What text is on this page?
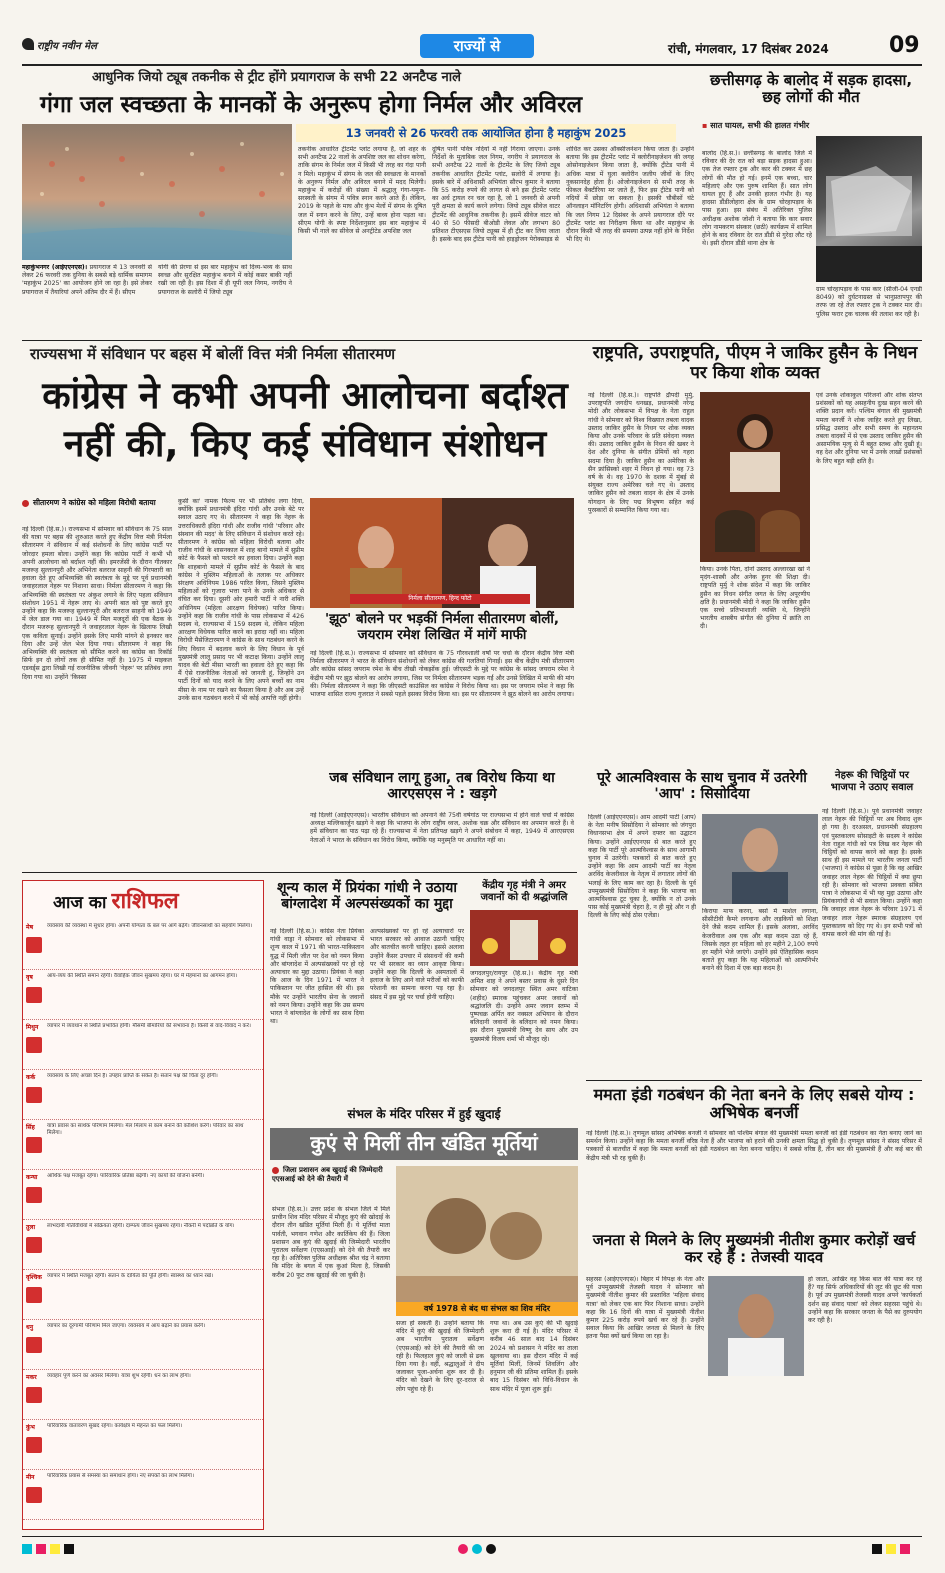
राष्ट्रीय नवीन मेल	राज्यों से	रांची, मंगलवार, 17 दिसंबर 2024	09
आधुनिक जियो ट्यूब तकनीक से ट्रीट होंगे प्रयागराज के सभी 22 अनटैप्ड नाले
गंगा जल स्वच्छता के मानकों के अनुरूप होगा निर्मल और अविरल
13 जनवरी से 26 फरवरी तक आयोजित होना है महाकुंभ 2025
महाकुंभनगर (आईएएनएस)। प्रयागराज में 13 जनवरी से लेकर 26 फरवरी तक दुनिया के सबसे बड़े धार्मिक समागम 'महाकुंभ 2025' का आयोजन होने जा रहा है। इसे लेकर प्रयागराज में तैयारियां अपने अंतिम दौर में हैं। सीएम
योगी की प्रेरणा से इस बार महाकुंभ को दिव्य-भव्य के साथ स्वच्छ और सुरक्षित महाकुंभ बनाने में कोई कसर बाकी नहीं रखी जा रही है। इस दिशा में ही यूपी जल निगम, नगरीय ने प्रयागराज के सलोरी में जियो ट्यूब
तकनीक आधारित ट्रीटमेंट प्लांट लगाया है, जो शहर के सभी अनटैप्ड 22 नालों के अपशिष्ट जल का शोधन करेगा, ताकि संगम के निर्मल जल में किसी भी तरह का गंदा पानी न मिले। महाकुंभ में संगम के जल की स्वच्छता के मानकों के अनुरूप निर्मल और अविरल बनाने में मदद मिलेगी। महाकुंभ में करोड़ों की संख्या में श्रद्धालु गंगा-यमुना-सरस्वती के संगम में पवित्र स्नान करने आते हैं। लेकिन, 2019 के पहले के माघ और कुंभ मेलों में संगम के दूषित जल में स्नान करने के लिए, उन्हें बाध्य होना पड़ता था। सीएम योगी के स्पष्ट निर्देशानुसार इस बार महाकुंभ में किसी भी नाले का सीवेज से अनट्रीटेड अपशिष्ट जल
दूषित पानी पवित्र नदियों में नहीं गिराया जाएगा। उनके निर्देशों के मुताबिक जल निगम, नगरीय ने प्रयागराज के सभी अनटैप्ड 22 नालों के ट्रीटमेंट के लिए जियो ट्यूब तकनीक आधारित ट्रीटमेंट प्लांट, सलोरी में लगाया है। इसके बारे में अधिशासी अभियंता सौरभ कुमार ने बताया कि 55 करोड़ रुपये की लागत से बने इस ट्रीटमेंट प्लांट का अर्ध ट्रायल रन चल रहा है, जो 1 जनवरी से अपनी पूरी क्षमता से कार्य करने लगेगा। जियो ट्यूब सीवेज वाटर ट्रीटमेंट की आधुनिक तकनीक है। इसमें सीवेज वाटर को 40 से 50 फीसदी बीओडी लेवल और लगभग 80 प्रतिशत टीएसएस जियो ट्यूब्स में ही ट्रीट कर लिया जाता है। इसके बाद इस ट्रीटेड पानी को हाइड्रोजन पेरोक्साइड से
शोधित कर उसका ऑक्सीजनेशन किया जाता है। उन्होंने बताया कि इस ट्रीटमेंट प्लांट में क्लोरीनाइजेशन की जगह ओसोनाइजेशन किया जाता है, क्योंकि ट्रीटेड पानी में अधिक मात्रा में घुला क्लोरीन जलीय जीवों के लिए नुकसानदेह होता है। ओजोनाइजेशन से सभी तरह के फीकल बैक्टीरिया मर जाते हैं, फिर इस ट्रीटेड पानी को नदियों में छोड़ा जा सकता है। इसकी चौबीसों घंटे ऑनलाइन मॉनिटरिंग होगी। अधिशासी अभियंता ने बताया कि जल निगम 12 दिसंबर के अपने प्रयागराज दौरे पर ट्रीटमेंट प्लांट का निरीक्षण किया था और महाकुंभ के दौरान किसी भी तरह की समस्या उत्पन्न नहीं होने के निर्देश भी दिए थे।
छत्तीसगढ़ के बालोद में सड़क हादसा, छह लोगों की मौत
▪ सात घायल, सभी की हालत गंभीर
बालोद (हि.स.)। छत्तीसगढ़ के बालोद जिले में रविवार की देर रात को बड़ा सड़क हादसा हुआ। एक तेज रफ्तार ट्रक और कार की टक्कर में छह लोगों की मौत हो गई। इनमें एक बच्चा, चार महिलाएं और एक पुरुष शामिल हैं। सात लोग घायल हुए हैं और उनकी हालत गंभीर है। यह हादसा डौंडीलोहारा क्षेत्र के ग्राम चोरहापड़ाव के पास हुआ। इस संबंध में अतिरिक्त पुलिस अधीक्षक अशोक जोशी ने बताया कि कार सवार लोग नामकरण संस्कार (छठी) कार्यक्रम में शामिल होने के बाद रविवार देर रात डौंडी से गुरेदा लौट रहे थे। इसी दौरान डौंडी थाना क्षेत्र के
ग्राम चोरहापड़ाव के पास कार (सीजी-04 एनडी 8049) को दुर्घटनाग्रस्त से भानुप्रतापपुर की तरफ जा रहे तेज रफ्तार ट्रक ने टक्कर मार दी। पुलिस फरार ट्रक चालक की तलाश कर रही है।
राज्यसभा में संविधान पर बहस में बोलीं वित्त मंत्री निर्मला सीतारमण
कांग्रेस ने कभी अपनी आलोचना बर्दाश्त नहीं की, किए कई संविधान संशोधन
सीतारमण ने कांग्रेस को महिला विरोधी बताया
नई दिल्ली (हि.स.)। राज्यसभा में सोमवार को संविधान के 75 साल की यात्रा पर बहस की शुरुआत करते हुए केंद्रीय वित्त मंत्री निर्मला सीतारमण ने संविधान में कई संशोधनों के लिए कांग्रेस पार्टी पर जोरदार हमला बोला। उन्होंने कहा कि कांग्रेस पार्टी ने कभी भी अपनी आलोचना को बर्दाश्त नहीं की। इमरजेंसी के दौरान गीतकार मजरूह सुल्तानपुरी और अभिनेता बलराज साहनी की गिरफ्तारी का हवाला देते हुए अभिव्यक्ति की स्वतंत्रता के मुद्दे पर पूर्व प्रधानमंत्री जवाहरलाल नेहरू पर निशाना साधा। निर्मला सीतारमण ने कहा कि अभिव्यक्ति की स्वतंत्रता पर अंकुश लगाने के लिए पहला संविधान संशोधन 1951 में नेहरू लाए थे। अपनी बात को पुष्ट करते हुए उन्होंने कहा कि मजरूह सुल्तानपुरी और बलराज साहनी को 1949 में जेल डाल गया था। 1949 में मिल मजदूरों की एक बैठक के दौरान मजरूह सुल्तानपुरी ने जवाहरलाल नेहरू के खिलाफ लिखी एक कविता सुनाई। उन्होंने इसके लिए माफी मांगने से इनकार कर दिया और उन्हें जेल भेज दिया गया। सीतारमण ने कहा कि अभिव्यक्ति की स्वतंत्रता को सीमित करने का कांग्रेस का रिकॉर्ड सिर्फ इन दो लोगों तक ही सीमित नहीं है। 1975 में माइकल एडवर्ड्स द्वारा लिखी गई राजनीतिक जीवनी 'नेहरू' पर प्रतिबंध लगा दिया गया था। उन्होंने 'किस्सा
कुर्सी का' नामक फिल्म पर भी प्रतिबंध लगा दिया, क्योंकि इसमें प्रधानमंत्री इंदिरा गांधी और उनके बेटे पर सवाल उठाए गए थे। सीतारमण ने कहा कि नेहरू के उत्तराधिकारी इंदिरा गांधी और राजीव गांधी 'परिवार और संस्थान की मदद' के लिए संविधान में संशोधन करते रहे। सीतारमण ने कांग्रेस को महिला विरोधी बताया और राजीव गांधी के शासनकाल में शाह बानो मामले में सुप्रीम कोर्ट के फैसले को पलटने का हवाला दिया। उन्होंने कहा कि शाहबानो मामले में सुप्रीम कोर्ट के फैसले के बाद कांग्रेस ने मुस्लिम महिलाओं के तलाक पर अधिकार संरक्षण अधिनियम 1986 पारित किया, जिसने मुस्लिम महिलाओं को गुजारा भत्ता पाने के उनके अधिकार से वंचित कर दिया। दूसरी ओर हमारी पार्टी ने नारी शक्ति अधिनियम (महिला आरक्षण विधेयक) पारित किया। उन्होंने कहा कि राजीव गांधी के पास लोकसभा में 426 सदस्य थे, राज्यसभा में 159 सदस्य थे, लेकिन महिला आरक्षण विधेयक पारित करने का इरादा नहीं था। महिला विरोधी मैसेजिटारमण ने कांग्रेस के साथ गठबंधन करने के लिए विधान में बदलाव करने के लिए विधान के पूर्व मुख्यमंत्री लालू प्रसाद पर भी कटाक्ष किया। उन्होंने लालू यादव की बेटी मीसा भारती का हवाला देते हुए कहा कि मैं ऐसे राजनीतिक नेताओं को जानती हूं, जिन्होंने उन पार्टी दिनों को याद करने के लिए अपने बच्चों का नाम मीसा के नाम पर रखने का फैसला किया है और अब उन्हें उनके साथ गठबंधन करने में भी कोई आपत्ति नहीं होगी।
निर्मला सीतारमण, हिन्द फोटो
'झूठ' बोलने पर भड़कीं निर्मला सीतारमण बोलीं, जयराम रमेश लिखित में मांगें माफी
नई दिल्ली (हि.स.)। राज्यसभा में सोमवार को संविधान के 75 गौरवशाली वर्षों पर चर्चा के दौरान केंद्रीय वित्त मंत्री निर्मला सीतारमण ने भारत के संविधान संशोधनों को लेकर कांग्रेस की गलतियां गिनाईं। इस बीच केंद्रीय मंत्री सीतारमण और कांग्रेस सांसद जयराम रमेश के बीच तीखी नोकझोंक हुई। जीएसटी के मुद्दे पर कांग्रेस के सांसद जयराम रमेश ने केंद्रीय मंत्री पर झूठ बोलने का आरोप लगाया, जिस पर निर्मला सीतारमण भड़क गईं और उनसे लिखित में माफी की मांग की। निर्मला सीतारमण ने कहा कि जीएसटी काउंसिल का कांग्रेस ने विरोध किया था। इस पर जयराम रमेश ने कहा कि भाजपा शासित राज्य गुजरात ने सबसे पहले इसका विरोध किया था। इस पर सीतारमण ने झूठ बोलने का आरोप लगाया।
जब संविधान लागू हुआ, तब विरोध किया था आरएसएस ने : खड़गे
नई दिल्ली (आईएएनएस)। भारतीय संविधान को अपनाने की 75वीं वर्षगांठ पर राज्यसभा में होने वाले चर्चा में कांग्रेस अध्यक्ष मल्लिकार्जुन खड़गे ने कहा कि भाजपा के लोग राष्ट्रीय ध्वज, अशोक चक्र और संविधान का अपमान करते हैं। वे हमें संविधान का पाठ पढ़ा रहे हैं। राज्यसभा में नेता प्रतिपक्ष खड़गे ने अपने संबोधन में कहा, 1949 में आरएसएस नेताओं ने भारत के संविधान का विरोध किया, क्योंकि यह मनुस्मृति पर आधारित नहीं था।
राष्ट्रपति, उपराष्ट्रपति, पीएम ने जाकिर हुसैन के निधन पर किया शोक व्यक्त
नई दिल्ली (हि.स.)। राष्ट्रपति द्रौपदी मुर्मु, उपराष्ट्रपति जगदीप धनखड़, प्रधानमंत्री नरेन्द्र मोदी और लोकसभा में विपक्ष के नेता राहुल गांधी ने सोमवार को विश्व विख्यात तबला वादक उस्ताद जाकिर हुसैन के निधन पर शोक व्यक्त किया और उनके परिवार के प्रति संवेदना व्यक्त की। उस्ताद जाकिर हुसैन के निधन की खबर ने देश और दुनिया के संगीत प्रेमियों को गहरा सदमा दिया है। जाकिर हुसैन का अमेरिका के सैन फ्रांसिस्को शहर में निधन हो गया। वह 73 वर्ष के थे। वह 1970 के दशक में मुंबई से संयुक्त राज्य अमेरिका चले गए थे। उस्ताद जाकिर हुसैन को तबला वादन के क्षेत्र में उनके योगदान के लिए पद्म विभूषण सहित कई पुरस्कारों से सम्मानित किया गया था।
किया। उनके पिता, दोनों उस्ताद अल्लारखा खां ने मृदंग-शास्त्री और अनेक हुनर की शिक्षा दी। राष्ट्रपति मुर्मु ने शोक संदेश में कहा कि जाकिर हुसैन का निधन संगीत जगत के लिए अपूरणीय क्षति है। प्रधानमंत्री मोदी ने कहा कि जाकिर हुसैन एक सच्चे प्रतिभाशाली व्यक्ति थे, जिन्होंने भारतीय शास्त्रीय संगीत की दुनिया में क्रांति ला दी।
एवं उनके शोकाकुल परिजनों और शोक संतप्त प्रशंसकों को यह असहनीय दुःख सहन करने की शक्ति प्रदान करें। पश्चिम बंगाल की मुख्यमंत्री ममता बनर्जी ने शोक जाहिर करते हुए लिखा, प्रसिद्ध उस्ताद और सभी समय के महानतम तबला वादकों में से एक उस्ताद जाकिर हुसैन की असामयिक मृत्यु से मैं बहुत स्तब्ध और दुखी हूं। वह देश और दुनिया भर में उनके लाखों प्रशंसकों के लिए बहुत बड़ी क्षति है।
पूरे आत्मविश्वास के साथ चुनाव में उतरेगी 'आप' : सिसोदिया
दिल्ली (आईएएनएस)। आम आदमी पार्टी (आप) के नेता मनीष सिसोदिया ने सोमवार को जंगपुरा विधानसभा क्षेत्र में अपने दफ्तर का उद्घाटन किया। उन्होंने आईएएनएस से बात करते हुए कहा कि पार्टी पूरे आत्मविश्वास के साथ आगामी चुनाव में उतरेगी। पत्रकारों से बात करते हुए उन्होंने कहा कि आम आदमी पार्टी का नेतृत्व अरविंद केजरीवाल के नेतृत्व में लगातार लोगों की भलाई के लिए काम कर रहा है। दिल्ली के पूर्व उपमुख्यमंत्री सिसोदिया ने कहा कि भाजपा का आत्मविश्वास टूट चुका है, क्योंकि न तो उनके पास कोई मुख्यमंत्री चेहरा है, न ही मुद्दे और न ही दिल्ली के लिए कोई ठोस एजेंडा।
किराया माफ करना, बसों में मार्शल लगाना, सीसीटीवी कैमरे लगवाना और लड़कियों को शिक्षा देने जैसे कदम शामिल हैं। इसके अलावा, अरविंद केजरीवाल अब एक और बड़ा कदम उठा रहे हैं, जिसके तहत हर महिला को हर महीने 2,100 रुपये हर महीने भेजे जाएंगे। उन्होंने इसे ऐतिहासिक कदम बताते हुए कहा कि यह महिलाओं को आत्मनिर्भर बनाने की दिशा में एक बड़ा कदम है।
नेहरू की चिट्ठियों पर भाजपा ने उठाए सवाल
नई दिल्ली (हि.स.)। पूर्व प्रधानमंत्री जवाहर लाल नेहरू की चिट्ठियों पर अब विवाद शुरू हो गया है। दरअसल, प्रधानमंत्री संग्रहालय एवं पुस्तकालय सोसाइटी के सदस्य ने कांग्रेस नेता राहुल गांधी को पत्र लिख कर नेहरू की चिट्ठियों को वापस करने को कहा है। इसके साथ ही इस मामले पर भारतीय जनता पार्टी (भाजपा) ने कांग्रेस से पूछा है कि वह आखिर जवाहर लाल नेहरू की चिट्ठियों में क्या छुपा रही है। सोमवार को भाजपा प्रवक्ता संबित पात्रा ने लोकसभा में भी यह मुद्दा उठाया और प्रियंकागांधी से भी सवाल किया। उन्होंने कहा कि जवाहर लाल नेहरू के परिवार 1971 में जवाहर लाल नेहरू स्मारक संग्रहालय एवं पुस्तकालय को दिए गए थे। इन सभी पत्रों को वापस करने की मांग की गई है।
आज का राशिफल
मेष	व्यवसाय की व्यवस्था में सुधार होगा। अपनी योग्यता के बल पर आगे बढ़ेंगे। जीवनसाथी का सहयोग मिलेगा।
वृष	आय-व्यय की स्थिति समान रहेगी। वैवाहिक जीवन सुखमय रहेगा। घर में मेहमानों का आगमन होगा।
मिथुन व्यापार में व्यवधान से स्थिति प्रभावित होगी। मौसमी बीमारियों की संभावना है। किसी से वाद-विवाद न करें।
कर्क व्यवसाय के लिए अच्छा दिन है। उपहार प्राप्ति के संकेत हैं। संतान पक्ष की चिंता दूर होगी।
सिंह यात्रा प्रवास का सार्थक परिणाम मिलेगा। मेल मिलाप से काम बनाने की कोशिश करेंगे। परिवार का साथ मिलेगा।
कन्या आर्थिक पक्ष मजबूत रहेगा। पारिवारिक प्रतिष्ठा बढ़ेगी। नए कार्यों की योजना बनेगी।
तुला लाभदायी गतिविधियों में सक्रियता रहेगी। दाम्पत्य जीवन सुखमय रहेगा। नौकरी में पदोन्नति के योग।
वृश्चिक व्यापार में स्थिति मजबूत रहेगी। संतान के दायित्व की पूर्ति होगी। स्वास्थ्य का ध्यान रखें।
धनु	व्यापार का दूरगामी परिणाम मिल जाएगा। व्यवसाय में आय बढ़ाने का प्रयास करेंगे।
मकर व्यवहार पूर्ण करने का अवसर मिलेगा। यात्रा शुभ रहेगी। धन का लाभ होगा।
कुंभ पारिवारिक वातावरण सुखद रहेगा। कार्यक्षेत्र में मेहनत का फल मिलेगा।
मीन पारिवारिक प्रयास से समस्या का समाधान होगा। नए संपर्कों का लाभ मिलेगा।
शून्य काल में प्रियंका गांधी ने उठाया बांग्लादेश में अल्पसंख्यकों का मुद्दा
नई दिल्ली (हि.स.)। कांग्रेस नेता प्रियंका गांधी वाड्रा ने सोमवार को लोकसभा में शून्य काल में 1971 की भारत-पाकिस्तान युद्ध में मिली जीत पर देश को नमन किया और बांग्लादेश में अल्पसंख्यकों पर हो रहे अत्याचार का मुद्दा उठाया। प्रियंका ने कहा कि आज के दिन 1971 में भारत ने पाकिस्तान पर जीत हासिल की थी। इस मौके पर उन्होंने भारतीय सेना के जवानों को नमन किया। उन्होंने कहा कि उस समय भारत ने बांग्लादेश के लोगों का साथ दिया था।
अल्पसंख्यकों पर हो रहे अत्याचारों पर भारत सरकार को आवाज उठानी चाहिए और बातचीत करनी चाहिए। इससे अलावा उन्होंने कैंसर उपचार में संसाधनों की कमी पर भी सरकार का ध्यान आकृष्ट किया। उन्होंने कहा कि दिल्ली के अस्पतालों में इलाज के लिए आने वाले मरीजों को काफी परेशानी का सामना करना पड़ रहा है। संसद में इस मुद्दे पर चर्चा होनी चाहिए।
केंद्रीय गृह मंत्री ने अमर जवानों को दी श्रद्धांजलि
जगदलपुर/रायपुर (हि.स.)। केंद्रीय गृह मंत्री अमित शाह ने अपने बस्तर प्रवास के दूसरे दिन सोमवार को जगदलपुर स्थित अमर वाटिका (शहीद) स्मारक पहुंचकर अमर जवानों को श्रद्धांजलि दी। उन्होंने अमर जवान स्तम्भ में पुष्पचक्र अर्पित कर नक्सल अभियान के दौरान बलिदानी जवानों के बलिदान को नमन किया। इस दौरान मुख्यमंत्री विष्णु देव साय और उप मुख्यमंत्री विजय शर्मा भी मौजूद रहे।
संभल के मंदिर परिसर में हुई खुदाई
कुएं से मिलीं तीन खंडित मूर्तियां
जिला प्रशासन अब खुदाई की जिम्मेदारी एएसआई को देने की तैयारी में
संभल (हि.स.)। उत्तर प्रदेश के संभल जिले में मिले प्राचीन शिव मंदिर परिसर में मौजूद कुएं की खोदाई के दौरान तीन खंडित मूर्तियां मिली हैं। ये मूर्तियां माता पार्वती, भगवान गणेश और कार्तिकेय की हैं। जिला प्रशासन अब कुएं की खुदाई की जिम्मेदारी भारतीय पुरातत्व सर्वेक्षण (एएसआई) को देने की तैयारी कर रहा है। अतिरिक्त पुलिस अधीक्षक श्रीश चंद्र ने बताया कि मंदिर के बगल में एक कुआं मिला है, जिसकी करीब 20 फुट तक खुदाई की जा चुकी है।
वर्ष 1978 से बंद था संभल का शिव मंदिर
सजा हो सकती है। उन्होंने बताया कि मंदिर में कुएं की खुदाई की जिम्मेदारी अब भारतीय पुरातत्व सर्वेक्षण (एएसआई) को देने की तैयारी की जा रही है। फिलहाल कुएं को जाली से ढक दिया गया है। वहीं, श्रद्धालुओं ने दीप जलाकर पूजा-अर्चना शुरू कर दी है। मंदिर को देखने के लिए दूर-दराज से लोग पहुंच रहे हैं।
गया था। अब उस कुएं की भी खुदाई शुरू करा दी गई है। मंदिर परिसर में करीब 46 साल बाद 14 दिसंबर 2024 को प्रशासन ने मंदिर का ताला खुलवाया था। इस दौरान मंदिर में कई मूर्तियां मिलीं, जिनमें शिवलिंग और हनुमान जी की प्रतिमा शामिल हैं। इसके बाद 15 दिसंबर को विधि-विधान के साथ मंदिर में पूजा शुरू हुई।
ममता इंडी गठबंधन की नेता बनने के लिए सबसे योग्य : अभिषेक बनर्जी
नई दिल्ली (हि.स.)। तृणमूल सांसद अभिषेक बनर्जी ने सोमवार को पश्चिम बंगाल की मुख्यमंत्री ममता बनर्जी को इंडी गठबंधन का नेता बनाए जाने का समर्थन किया। उन्होंने कहा कि ममता बनर्जी वरिष्ठ नेता हैं और भाजपा को हराने की उनकी क्षमता सिद्ध हो चुकी है। तृणमूल सांसद ने संसद परिसर में पत्रकारों से बातचीत में कहा कि ममता बनर्जी को इंडी गठबंधन का नेता बनना चाहिए। वे सबसे वरिष्ठ हैं, तीन बार की मुख्यमंत्री हैं और कई बार की केंद्रीय मंत्री भी रह चुकी हैं।
जनता से मिलने के लिए मुख्यमंत्री नीतीश कुमार करोड़ों खर्च कर रहे हैं : तेजस्वी यादव
सहरसा (आईएएनएस)। बिहार में विपक्ष के नेता और पूर्व उपमुख्यमंत्री तेजस्वी यादव ने सोमवार को मुख्यमंत्री नीतीश कुमार की प्रस्तावित 'महिला संवाद यात्रा' को लेकर एक बार फिर निशाना साधा। उन्होंने कहा कि 16 दिनों की यात्रा में मुख्यमंत्री नीतीश कुमार 225 करोड़ रुपये खर्च कर रहे हैं। उन्होंने सवाल किया कि आखिर जनता से मिलने के लिए इतना पैसा क्यों खर्च किया जा रहा है।
हो जाता, आखिर वह किस बात की यात्रा कर रहे हैं? यह सिर्फ अधिकारियों की लूट की छूट की यात्रा है। पूर्व उप मुख्यमंत्री तेजस्वी यादव अपने 'कार्यकर्ता दर्शन सह संवाद यात्रा' को लेकर सहरसा पहुंचे थे। उन्होंने कहा कि सरकार जनता के पैसे का दुरुपयोग कर रही है।
